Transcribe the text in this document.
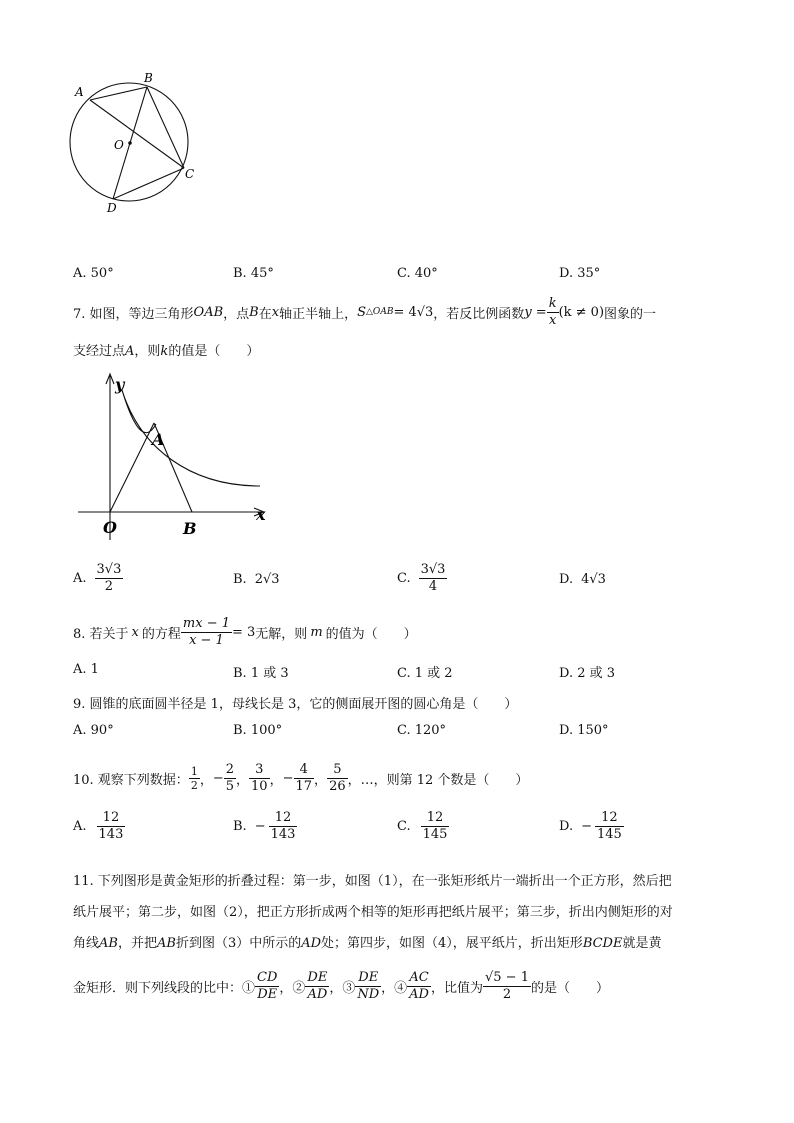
A
B
C
D
O
A. 50°	B. 45°	C. 40°	D. 35°
7. 如图，等边三角形 OAB ，点 B 在 x 轴正半轴上， S △OAB = 4√3 ，若反比例函数 $y = \frac{k}{x} (k \ne 0)$ 图象的一
支经过点A，则k的值是（　　）
y
A
O	B
x
A. $\frac{3√3}{2}$	B. 2√3	C. $\frac{3√3}{4}$	D. 4√3
8. 若关于 x 的方程 $\frac{mx - 1}{x - 1} = 3$ 无解，则 m 的值为（　　）
A. 1	B. 1 或 3	C. 1 或 2	D. 2 或 3
9. 圆锥的底面圆半径是 1，母线长是 3，它的侧面展开图的圆心角是（　　）
A. 90°	B. 100°	C. 120°	D. 150°
10. 观察下列数据： $\frac{1}{2}$ ， − $\frac{2}{5}$ ， $\frac{3}{10}$ ， − $\frac{4}{17}$ ， $\frac{5}{26}$ ，…，则第 12 个数是（　　）
A. $\frac{12}{143}$	B. − $\frac{12}{143}$	C. $\frac{12}{145}$	D. − $\frac{12}{145}$
11. 下列图形是黄金矩形的折叠过程：第一步，如图（1），在一张矩形纸片一端折出一个正方形，然后把
纸片展平；第二步，如图（2），把正方形折成两个相等的矩形再把纸片展平；第三步，折出内侧矩形的对
角线AB，并把AB折到图（3）中所示的AD处；第四步，如图（4），展平纸片，折出矩形BCDE就是黄
金矩形．则下列线段的比中：① $\frac{CD}{DE}$ ，② $\frac{DE}{AD}$ ，③ $\frac{DE}{ND}$ ，④ $\frac{AC}{AD}$ ，比值为 $\frac{√5 - 1}{2}$ 的是（　　）
